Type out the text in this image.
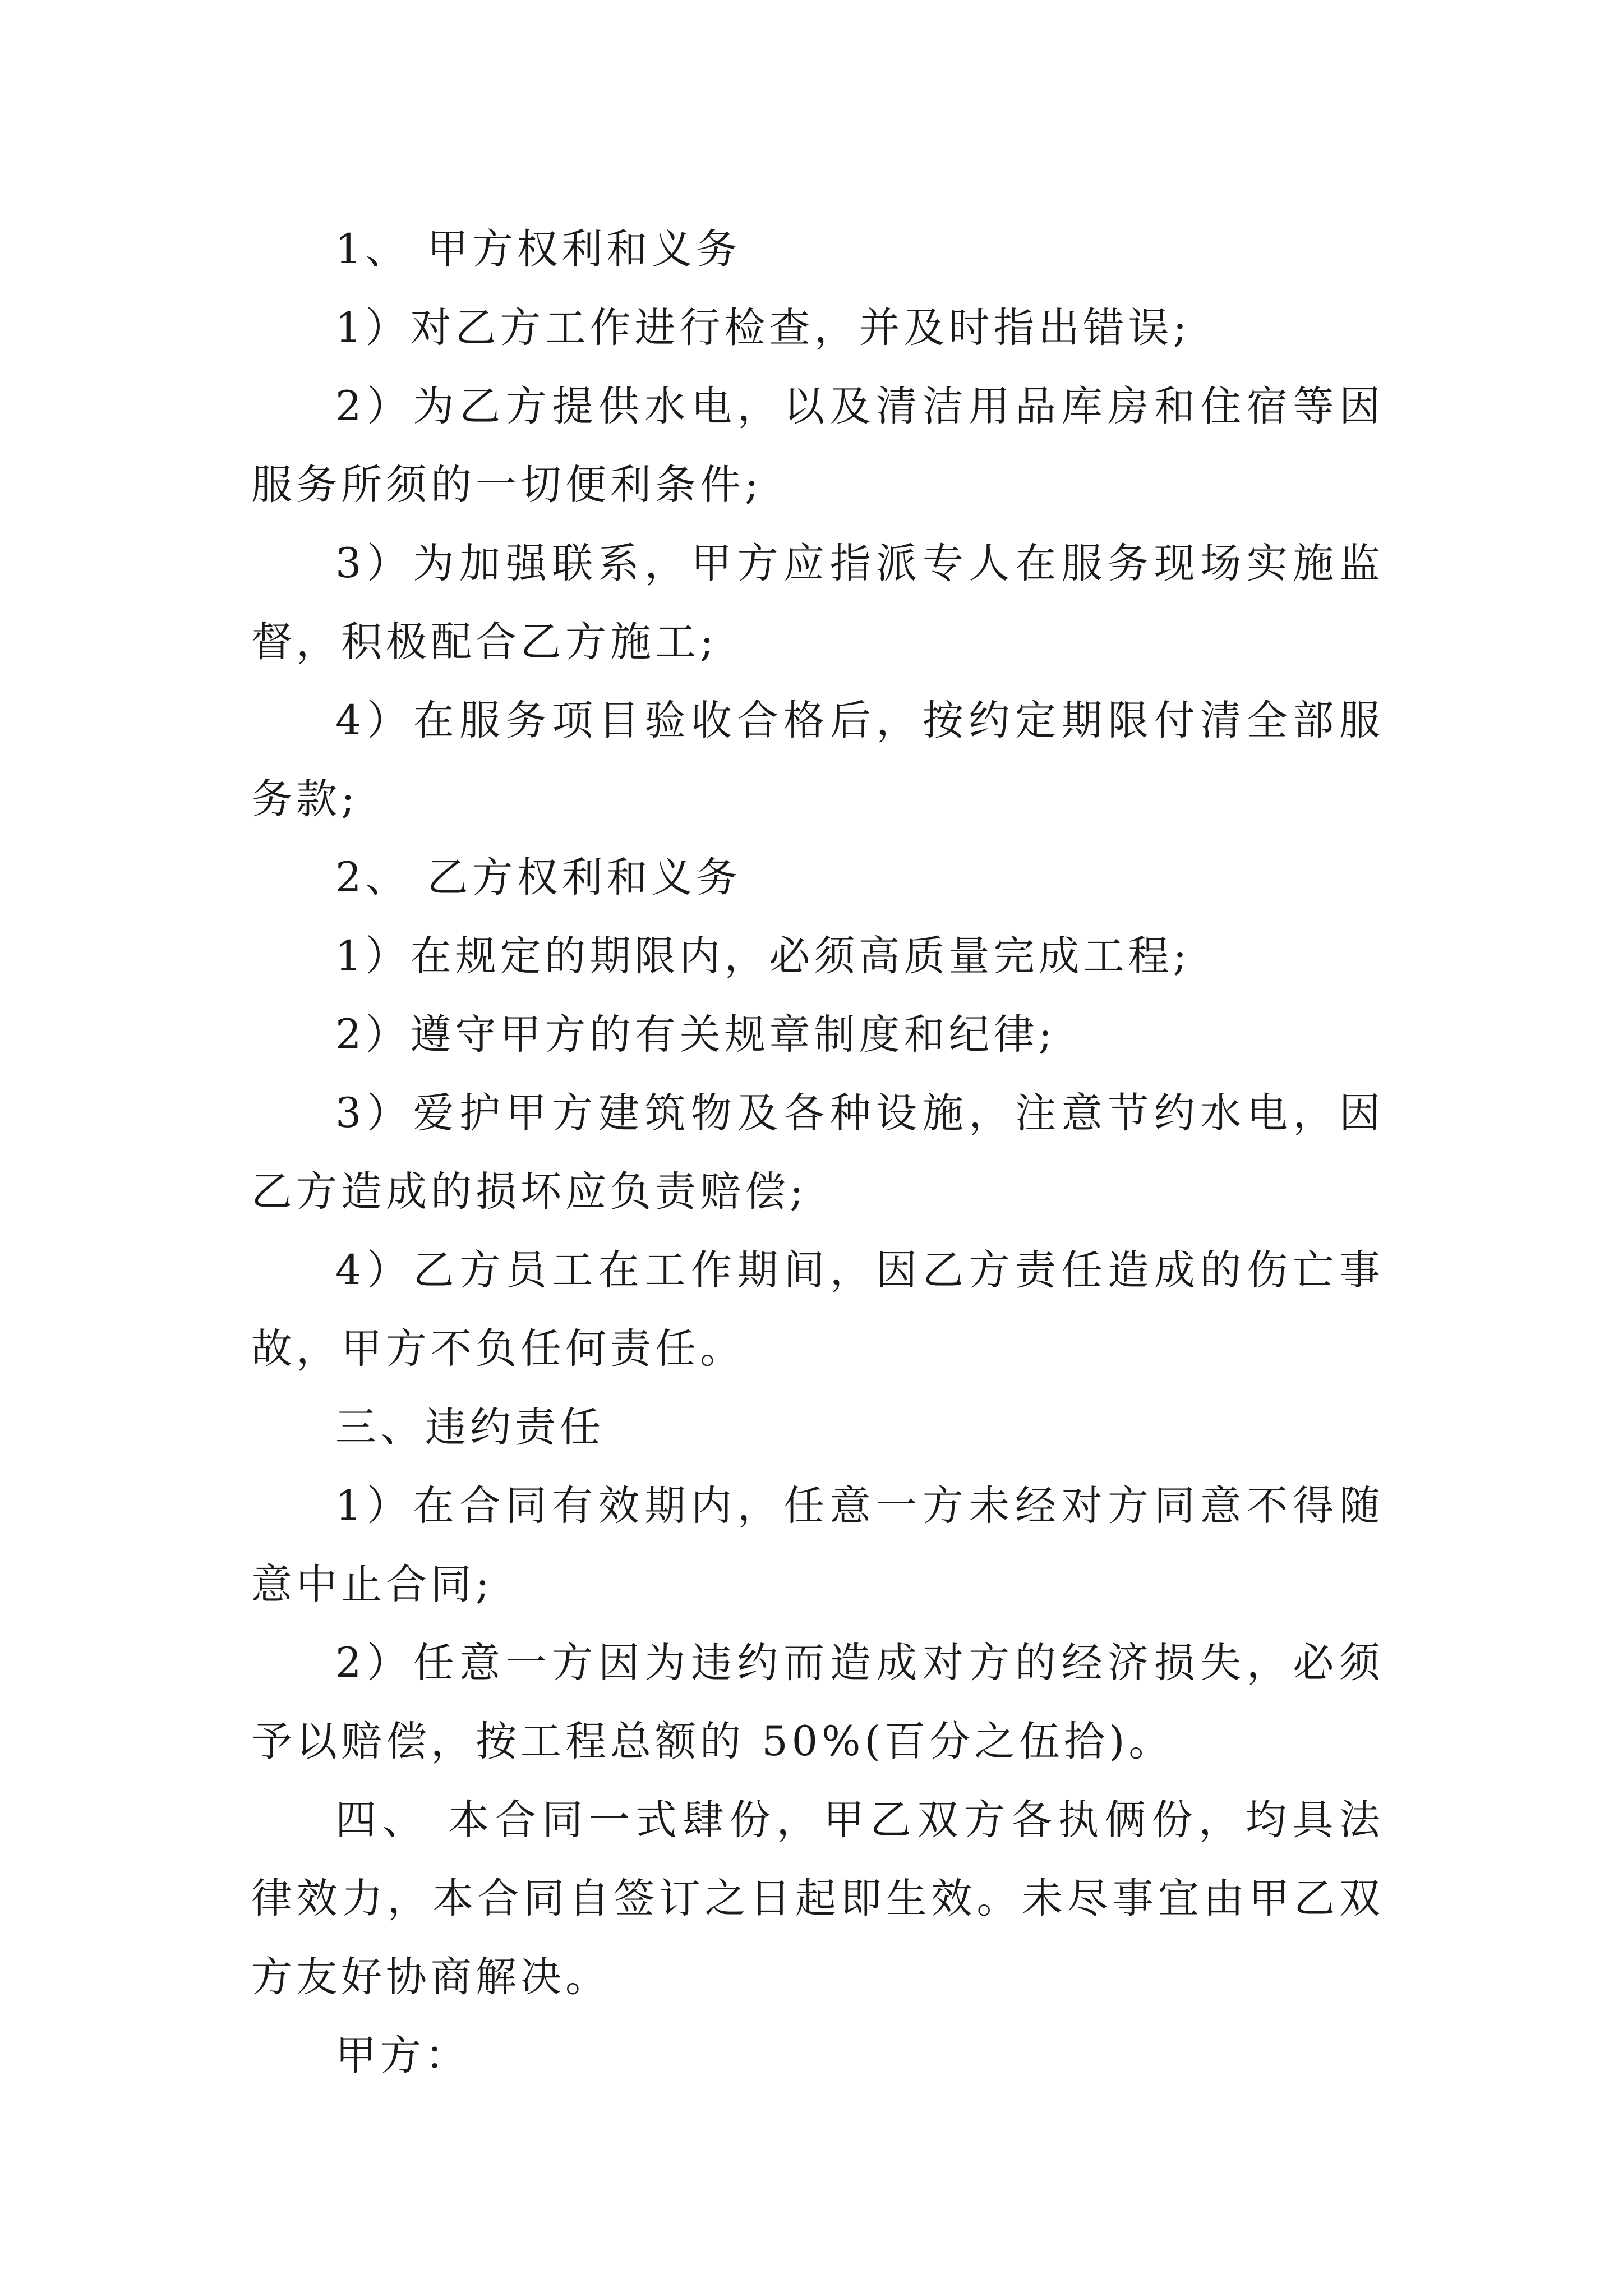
1、 甲方权利和义务

1）对乙方工作进行检查，并及时指出错误;

2）为乙方提供水电，以及清洁用品库房和住宿等因服务所须的一切便利条件;

3）为加强联系，甲方应指派专人在服务现场实施监督，积极配合乙方施工;

4）在服务项目验收合格后，按约定期限付清全部服务款;

2、 乙方权利和义务

1）在规定的期限内，必须高质量完成工程;

2）遵守甲方的有关规章制度和纪律;

3）爱护甲方建筑物及各种设施，注意节约水电，因乙方造成的损坏应负责赔偿;

4）乙方员工在工作期间，因乙方责任造成的伤亡事故，甲方不负任何责任。

三、违约责任

1）在合同有效期内，任意一方未经对方同意不得随意中止合同;

2）任意一方因为违约而造成对方的经济损失，必须予以赔偿，按工程总额的 50%(百分之伍拾)。

四、 本合同一式肆份，甲乙双方各执俩份，均具法律效力，本合同自签订之日起即生效。未尽事宜由甲乙双方友好协商解决。

甲方：
